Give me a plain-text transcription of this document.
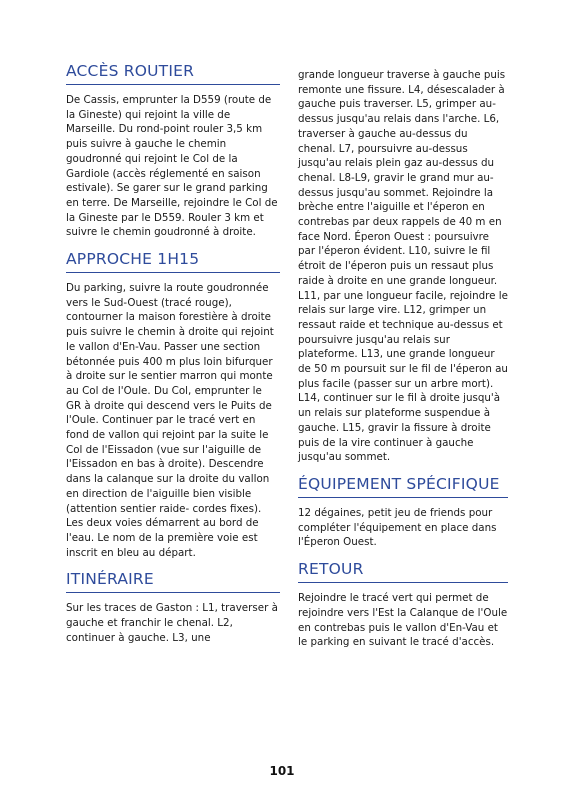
ACCÈS ROUTIER

De Cassis, emprunter la D559 (route de la Gineste) qui rejoint la ville de Marseille. Du rond-point rouler 3,5 km puis suivre à gauche le chemin goudronné qui rejoint le Col de la Gardiole (accès réglementé en saison estivale). Se garer sur le grand parking en terre. De Marseille, rejoindre le Col de la Gineste par le D559. Rouler 3 km et suivre le chemin goudronné à droite.

APPROCHE 1H15

Du parking, suivre la route goudronnée vers le Sud-Ouest (tracé rouge), contourner la maison forestière à droite puis suivre le chemin à droite qui rejoint le vallon d'En-Vau. Passer une section bétonnée puis 400 m plus loin bifurquer à droite sur le sentier marron qui monte au Col de l'Oule. Du Col, emprunter le GR à droite qui descend vers le Puits de l'Oule. Continuer par le tracé vert en fond de vallon qui rejoint par la suite le Col de l'Eissadon (vue sur l'aiguille de l'Eissadon en bas à droite). Descendre dans la calanque sur la droite du vallon en direction de l'aiguille bien visible (attention sentier raide- cordes fixes). Les deux voies démarrent au bord de l'eau. Le nom de la première voie est inscrit en bleu au départ.

ITINÉRAIRE

Sur les traces de Gaston : L1, traverser à gauche et franchir le chenal. L2, continuer à gauche. L3, une

grande longueur traverse à gauche puis remonte une fissure. L4, désescalader à gauche puis traverser. L5, grimper au-dessus jusqu'au relais dans l'arche. L6, traverser à gauche au-dessus du chenal. L7, poursuivre au-dessus jusqu'au relais plein gaz au-dessus du chenal. L8-L9, gravir le grand mur au-dessus jusqu'au sommet. Rejoindre la brèche entre l'aiguille et l'éperon en contrebas par deux rappels de 40 m en face Nord. Éperon Ouest : poursuivre par l'éperon évident. L10, suivre le fil étroit de l'éperon puis un ressaut plus raide à droite en une grande longueur. L11, par une longueur facile, rejoindre le relais sur large vire. L12, grimper un ressaut raide et technique au-dessus et poursuivre jusqu'au relais sur plateforme. L13, une grande longueur de 50 m poursuit sur le fil de l'éperon au plus facile (passer sur un arbre mort). L14, continuer sur le fil à droite jusqu'à un relais sur plateforme suspendue à gauche. L15, gravir la fissure à droite puis de la vire continuer à gauche jusqu'au sommet.

ÉQUIPEMENT SPÉCIFIQUE

12 dégaines, petit jeu de friends pour compléter l'équipement en place dans l'Éperon Ouest.

RETOUR

Rejoindre le tracé vert qui permet de rejoindre vers l'Est la Calanque de l'Oule en contrebas puis le vallon d'En-Vau et le parking en suivant le tracé d'accès.

101
